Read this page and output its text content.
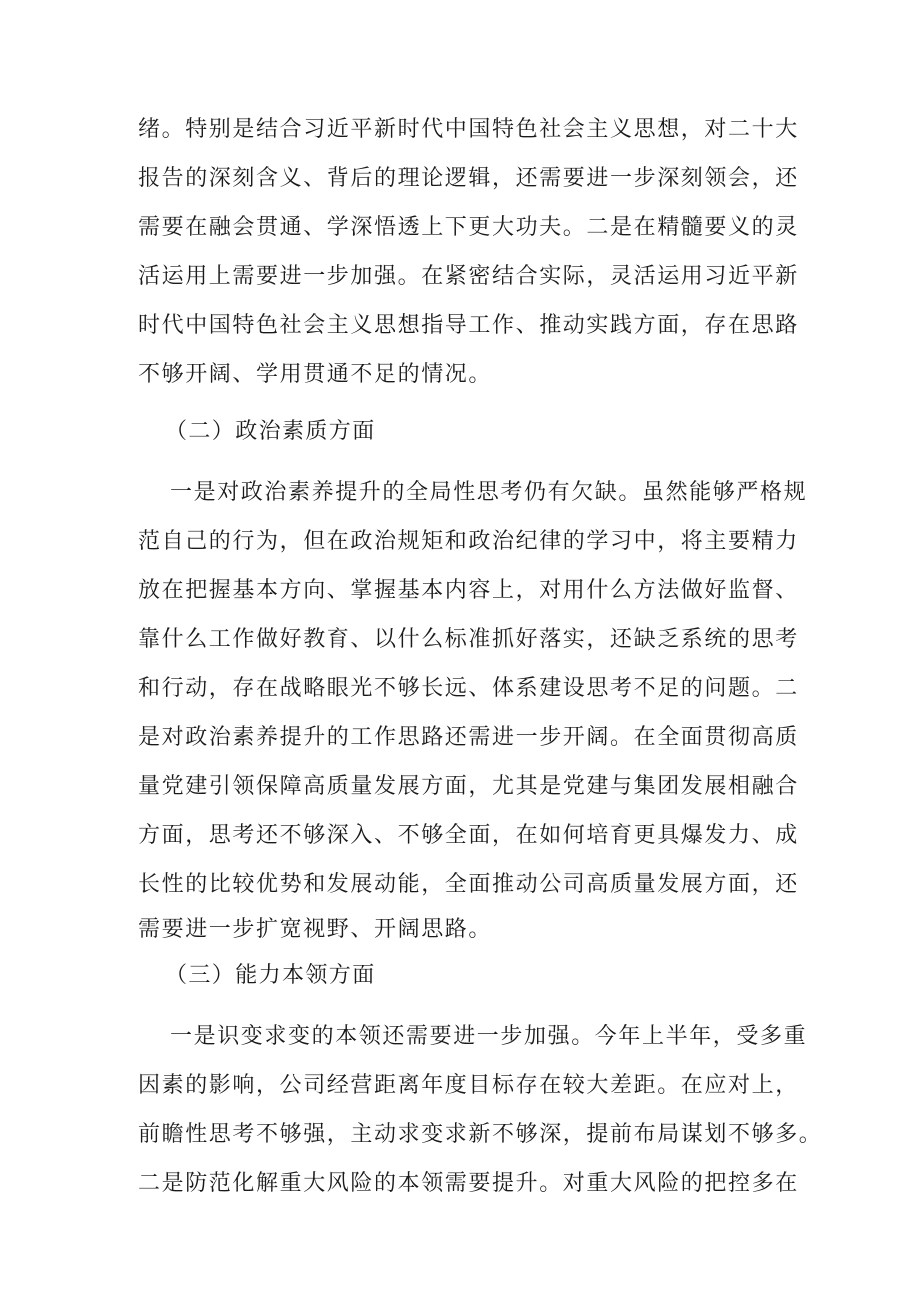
绪。特别是结合习近平新时代中国特色社会主义思想，对二十大
报告的深刻含义、背后的理论逻辑，还需要进一步深刻领会，还
需要在融会贯通、学深悟透上下更大功夫。二是在精髓要义的灵
活运用上需要进一步加强。在紧密结合实际，灵活运用习近平新
时代中国特色社会主义思想指导工作、推动实践方面，存在思路
不够开阔、学用贯通不足的情况。
（二）政治素质方面
一是对政治素养提升的全局性思考仍有欠缺。虽然能够严格规
范自己的行为，但在政治规矩和政治纪律的学习中，将主要精力
放在把握基本方向、掌握基本内容上，对用什么方法做好监督、
靠什么工作做好教育、以什么标准抓好落实，还缺乏系统的思考
和行动，存在战略眼光不够长远、体系建设思考不足的问题。二
是对政治素养提升的工作思路还需进一步开阔。在全面贯彻高质
量党建引领保障高质量发展方面，尤其是党建与集团发展相融合
方面，思考还不够深入、不够全面，在如何培育更具爆发力、成
长性的比较优势和发展动能，全面推动公司高质量发展方面，还
需要进一步扩宽视野、开阔思路。
（三）能力本领方面
一是识变求变的本领还需要进一步加强。今年上半年，受多重
因素的影响，公司经营距离年度目标存在较大差距。在应对上，
前瞻性思考不够强，主动求变求新不够深，提前布局谋划不够多。
二是防范化解重大风险的本领需要提升。对重大风险的把控多在
